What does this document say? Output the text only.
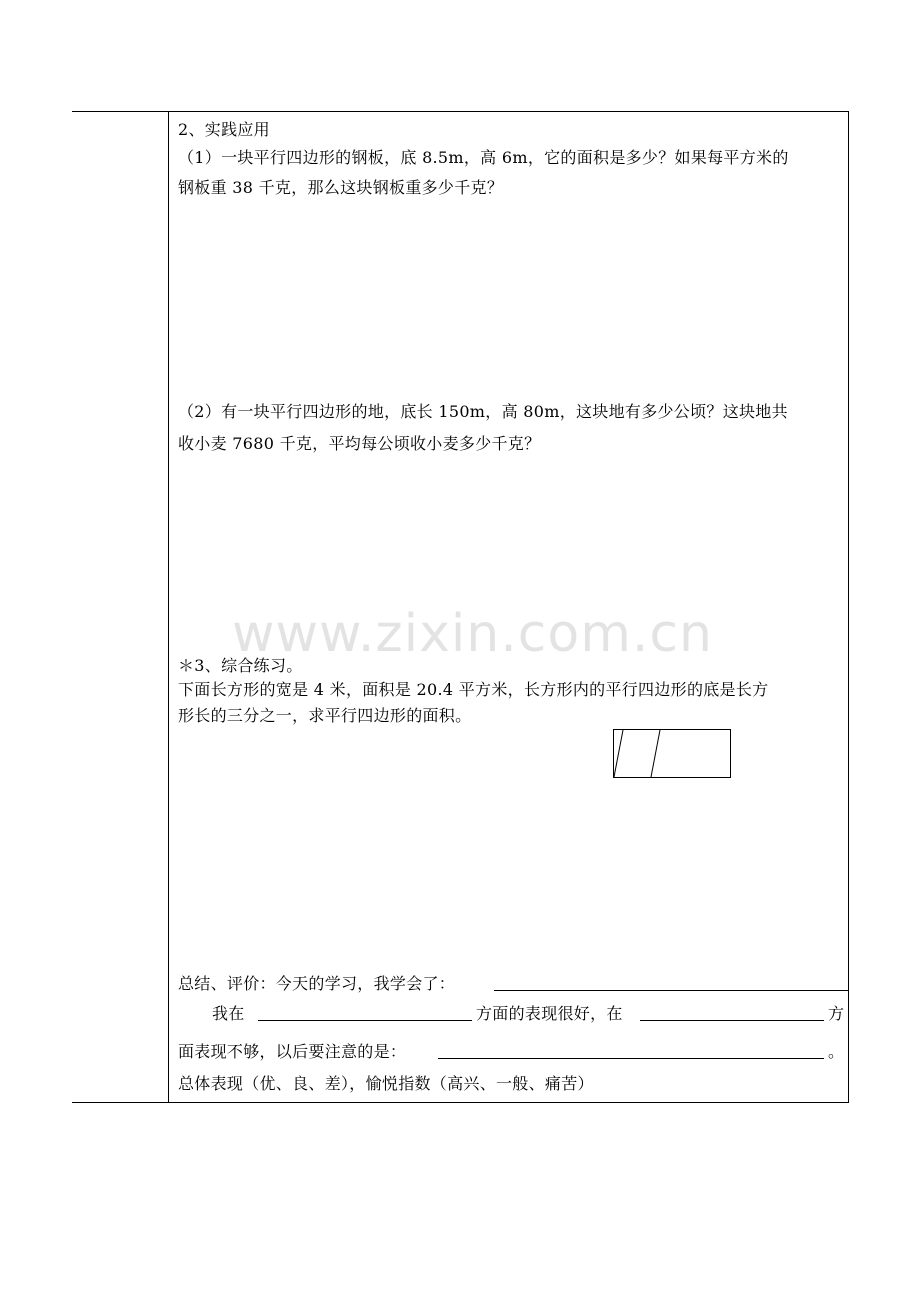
2、实践应用
（1）一块平行四边形的钢板，底 8.5m，高 6m，它的面积是多少？如果每平方米的
钢板重 38 千克，那么这块钢板重多少千克？
（2）有一块平行四边形的地，底长 150m，高 80m，这块地有多少公顷？这块地共
收小麦 7680 千克，平均每公顷收小麦多少千克？
www.zixin.com.cn
＊3、综合练习。
下面长方形的宽是 4 米，面积是 20.4 平方米，长方形内的平行四边形的底是长方
形长的三分之一，求平行四边形的面积。
总结、评价：今天的学习，我学会了：
我在	方面的表现很好，在	方
面表现不够，以后要注意的是：	。
总体表现（优、良、差），愉悦指数（高兴、一般、痛苦）
